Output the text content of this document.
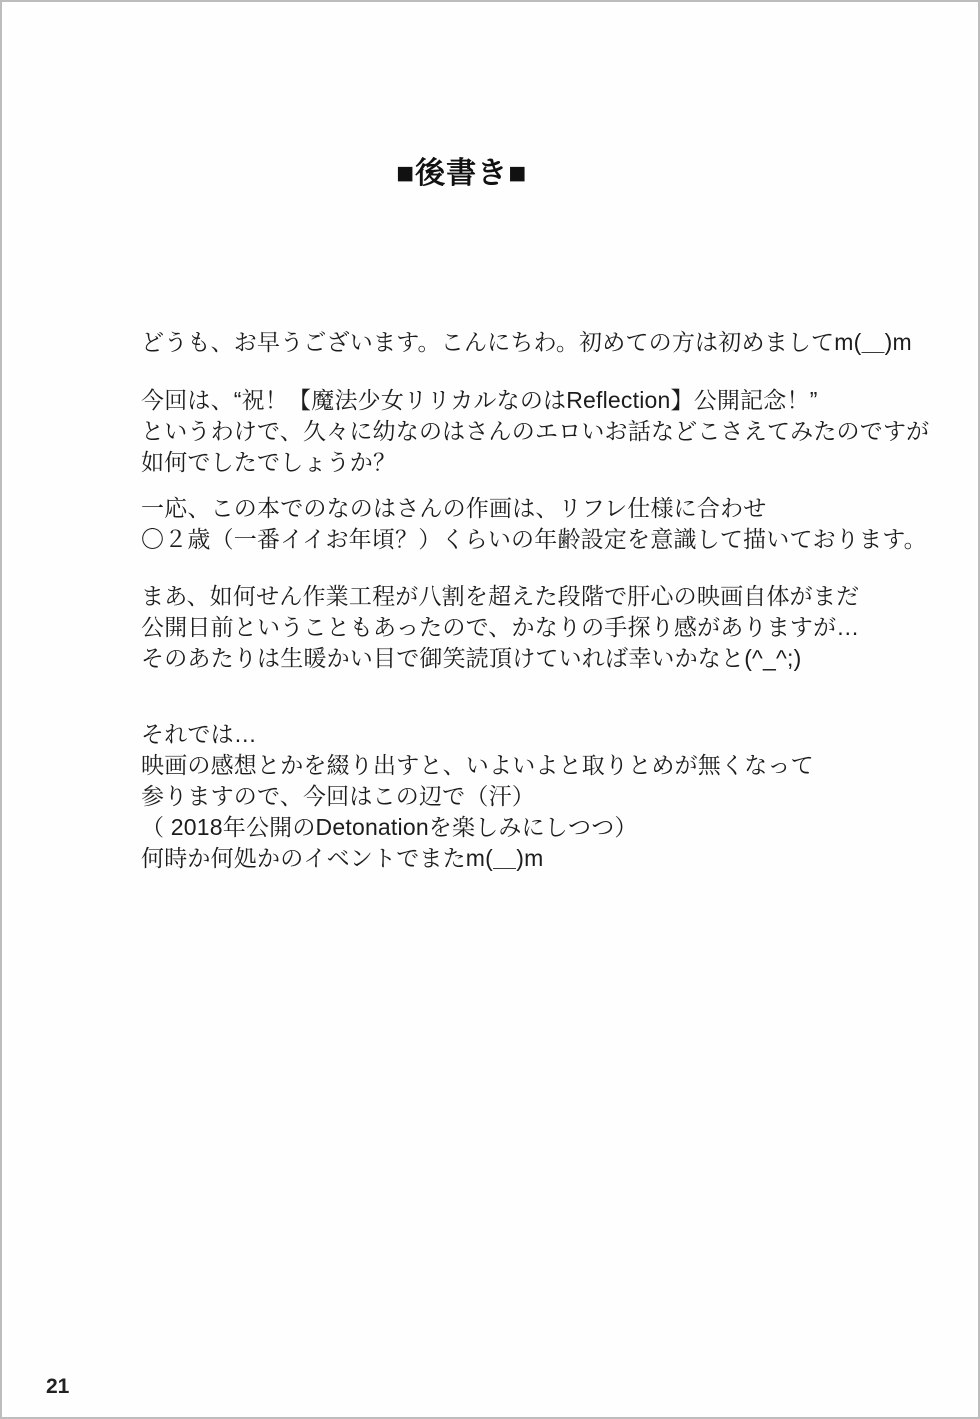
■後書き■
どうも、お早うございます。こんにちわ。初めての方は初めましてm(＿)m
今回は、“祝！【魔法少女リリカルなのはReflection】公開記念！”
というわけで、久々に幼なのはさんのエロいお話などこさえてみたのですが
如何でしたでしょうか？
一応、この本でのなのはさんの作画は、リフレ仕様に合わせ
〇２歳（一番イイお年頃？）くらいの年齢設定を意識して描いております。
まあ、如何せん作業工程が八割を超えた段階で肝心の映画自体がまだ
公開日前ということもあったので、かなりの手探り感がありますが…
そのあたりは生暖かい目で御笑読頂けていれば幸いかなと(^_^;)
それでは…
映画の感想とかを綴り出すと、いよいよと取りとめが無くなって
参りますので、今回はこの辺で（汗）
（ 2018年公開のDetonationを楽しみにしつつ）
何時か何処かのイベントでまたm(＿)m
21
